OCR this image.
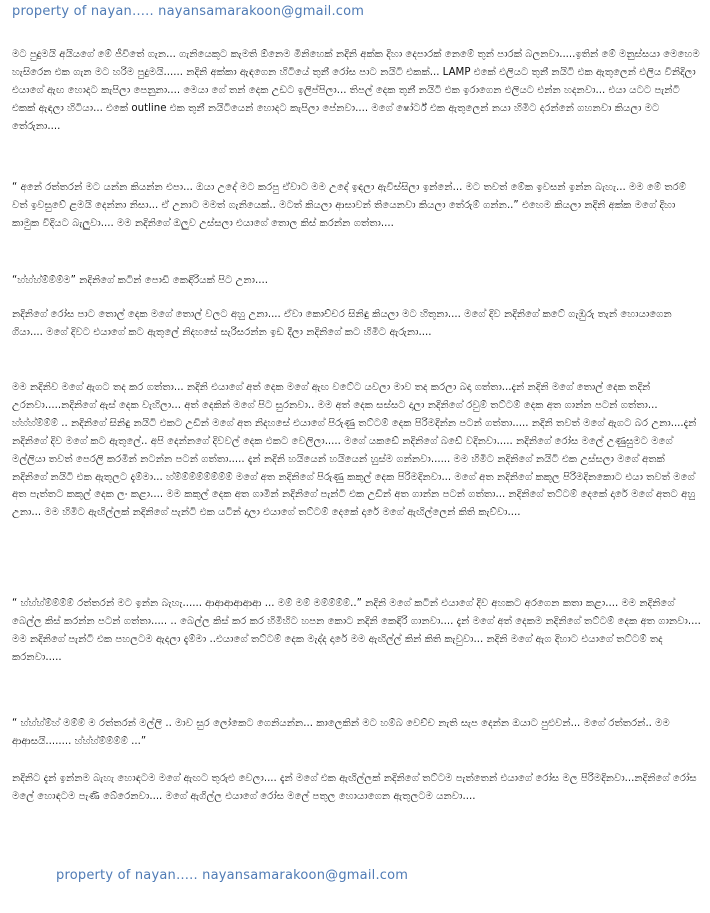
property of nayan….. nayansamarakoon@gmail.com

මට පුදුමයි අයියගේ මේ ජීවිතේ ගැන... ගැනියෙකුට කැමති ඕනෙම මිනිහෙක් නදිනි අක්ක දිහා දෙපාරක් නෙමේ තුන් පාරක් බලනවා.....ඉතින් මේ මනුස්සයා මෙහෙම හැසිරෙන එක ගැන මට හරිම පුදුමයි...... නදිනි අක්කා ඇඳගෙන හිටියේ තුනී රෝස පාට නයිටි එකක්... LAMP එකේ එලියට තුනී නයිටි එක ඇතුලෙන් එලිය විනිදිලා එයාගේ ඇඟ හොදට කැපිලා පෙනුනා.... මෙයා ගේ තන් දෙක උඩට ඉලිප්පිලා... තිපල් දෙක තුනී නයිටි එක ඉරාගෙන එලියට එන්න හදනවා... එයා යටට පැන්ටි එකක් ඇඳලා හිටියා... එකේ outline එක තුනී නයිටියෙන් හොදට කැපිලා පේනවා.... මගේ ෂෝර්ට් එක ඇතුලෙන් නයා හිමිට දරන්නේ ගහනවා කියලා මට තේරුනා....

“ අනේ රත්තරන් මට යන්න කියන්න එපා... ඔයා උදේ මට කරපු ඒවාට මම උදේ ඉඳලා ඇවිස්සිලා ඉන්නේ... මට තවත් මේක ඉවසන් ඉන්න බැහැ... මම මේ තරම් වත් ඉවසුවේ ළමයි දෙන්නා නිසා... ඒ උනාට මමත් ගැනියෙක්.. මටත් කියලා ආසාවන් තියෙනවා කියලා තේරුම් ගන්න..” එහෙම කියලා නදිනි අක්ක මගේ දිහා කාමුක විදියට බැලුවා.... මම නදිනිගේ ඔලුව උස්සලා එයාගේ තොල කිස් කරන්න ගත්තා....

“හ්හ්හ්ම්ම්ම්ම” නදිනිගේ කටින් පොඩි කෙඳිරියක් පිට උනා....

නදිනිගේ රෝස පාට තොල් දෙක මගේ තොල් වලට අහු උනා.... ඒවා කොච්චර සිනිඳු කියලා මට හිතුනා.... මගේ දිව නදිනිගේ කටේ ගැඹුරු තැන් හොයාගෙන ගියා.... මගේ දිවට එයාගේ කට ඇතුලේ නිදහසේ සැරිසරන්න ඉඩ දීලා නදිනිගේ කට හිමිට ඇරුනා....

මම නදිනිව මගේ ඇගට තද කර ගත්තා... නදිනි එයාගේ අත් දෙක මගේ ඇඟ වටේට යවලා මාව තද කරලා බදා ගත්තා...දැන් නදිනි මගේ තොල් දෙක තදින් උරනවා.....නදිනිගේ ඇස් දෙක වැහිලා... අත් දෙකින් මගේ පිට සුරනවා.. මම අත් දෙක සස්සට දාලා නදිනිගේ රවුම් තට්ටම් දෙක අත ගාන්න පටන් ගත්තා... හ්හ්හ්ම්ම්ම් .. නදිනිගේ සිනිඳු නයිටි එකට උඩින් මගේ අත නිදහසේ එයාගේ පිරුණු තට්ටම් දෙක පිරිමදින්න පටන් ගත්තා..... නදිනි තවත් මගේ ඇගට බර උනා....දැන් නදිනිගේ දිව මගේ කට ඇතුලේ.. අපි දෙන්නගේ දිවවල් දෙක එකට වෙලිලා..... මගේ යකඩේ නදිනිගේ බඩේ වදිනවා..... නදිනිගේ රෝස මලේ උණුසුමට මගේ මල්ලියා තවත් පෙරලි කරමින් නටන්න පටන් ගත්තා..... දැන් නදිනි හයියෙන් හයියෙන් හුස්ම ගන්නවා...... මම හිමිට නදිනිගේ නයිටි එක උස්සලා මගේ අතක් නදිනිගේ නයිටි එක ඇතුලට දැම්මා... හ්ම්ම්ම්ම්ම්ම්ම්ම් මගේ අත නදිනිගේ පිරුණු කකුල් දෙක පිරිමදිනවා... මගේ අත නදිනිගේ කකුල පිරිමදිනකොට එයා තවත් මගේ අත පැත්තට කකුල් දෙක ලං කළා.... මම කකුල් දෙක අත ගාමින් නදිනිගේ පැන්ටි එක උඩින් අත ගාන්න පටන් ගත්තා... නදිනිගේ තට්ටම් දෙකේ දාරේ මගේ අතට අහු උනා... මම හිමිට ඇඟිල්ලක් නදිනිගේ පැන්ටි එක යටින් දාලා එයාගේ තට්ටම් දෙකේ දාරේ මගේ ඇඟිල්ලෙන් කිති කැව්වා....

“ හ්හ්හ්ම්ම්ම්ම් රත්තරන් මට ඉන්න බැහැ...... ආආආආආආ ... මම් මම් මම්ම්ම්ම්..” නදිනි මගේ කටින් එයාගේ දිව අහකට අරගෙන කතා කළා.... මම නදිනිගේ බෙල්ල කිස් කරන්න පටන් ගත්තා..... .. බෙල්ල කිස් කර කර හිමිහිට හපන කොට නදිනි කෙඳිරි ගානවා.... දැන් මගේ අත් දෙකම නදිනිගේ තට්ටම් දෙක අත ගානවා.... මම නදිනිගේ පැන්ටි එක පහලටම ඇදලා දැම්මා ..එයාගේ තට්ටම් දෙක මැද්ද දාරේ මම ඇඟිල්ල් කින් කිති කැවුවා... නදිනි මගේ ඇග දිහාට එයාගේ තට්ටම් තද කරනවා.....

“ හ්හ්හ්ම්හ් මම්ම් ම රත්තරන් මල්ලි .. මාව සුර ලෝකෙට ගෙනියන්න... කාලෙකින් මට හම්බ වෙච්ච නැති සැප දෙන්න ඔයාට පුළුවන්... මගේ රත්තරන්.. මම ආආසයි........ හ්හ්හ්ම්ම්ම්ම් ...”

නදිනිට දැන් ඉන්නම බැහැ හොඳටම මගේ ඇඟට තුරුළු වෙලා.... දැන් මගේ එක ඇඟිල්ලක් නදිනිගේ තට්ටම පැත්තෙන් එයාගේ රෝස මල පිරිමදිනවා...නදිනිගේ රෝස මලේ හොඳටම පැණි බේරෙනවා.... මගේ ඇගිල්ල එයාගේ රෝස මලේ පතුල හොයාගෙන ඇතුලටම යනවා....

property of nayan….. nayansamarakoon@gmail.com
